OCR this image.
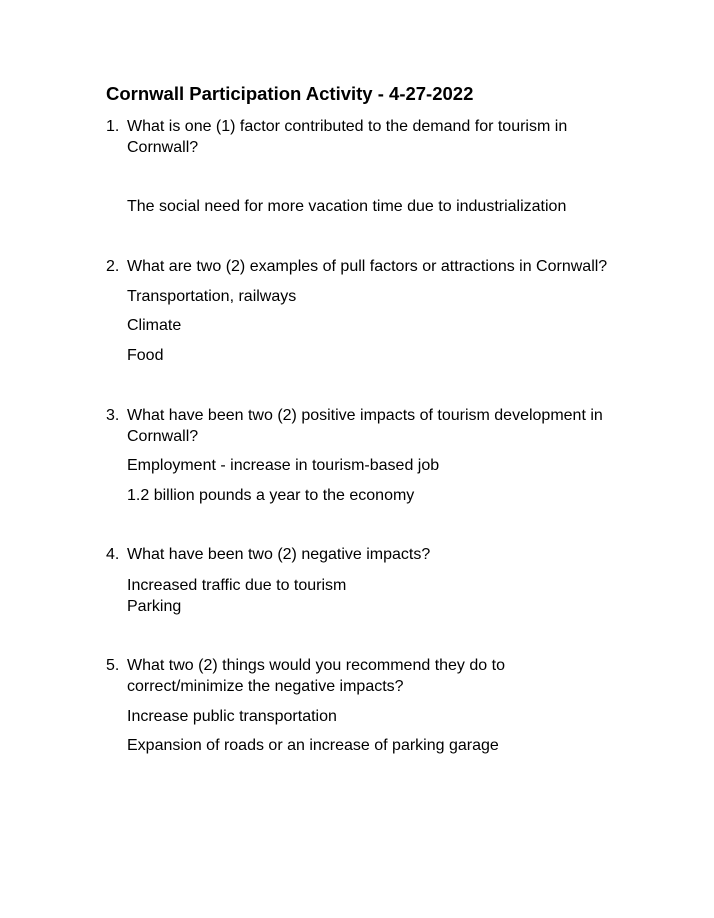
Cornwall Participation Activity - 4-27-2022
1. What is one (1) factor contributed to the demand for tourism in Cornwall?
The social need for more vacation time due to industrialization
2. What are two (2) examples of pull factors or attractions in Cornwall?
Transportation, railways
Climate
Food
3. What have been two (2) positive impacts of tourism development in Cornwall?
Employment - increase in tourism-based job
1.2 billion pounds a year to the economy
4. What have been two (2) negative impacts?
Increased traffic due to tourism
Parking
5. What two (2) things would you recommend they do to correct/minimize the negative impacts?
Increase public transportation
Expansion of roads or an increase of parking garage
